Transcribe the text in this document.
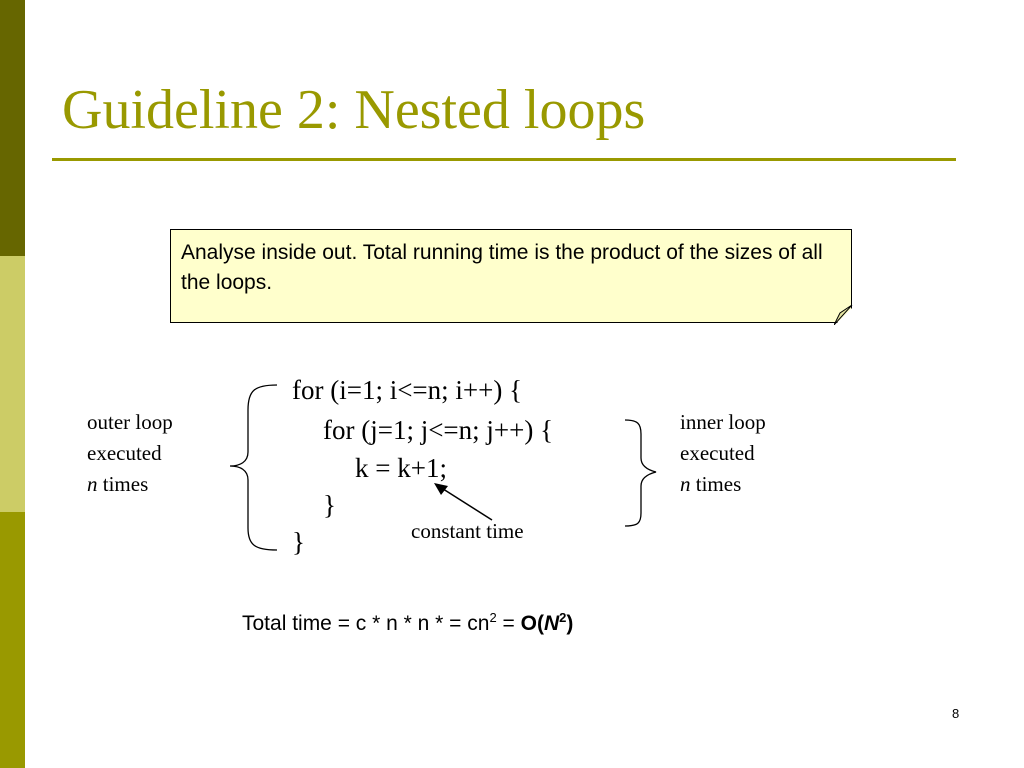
Guideline 2: Nested loops
Analyse inside out. Total running time is the product of the sizes of all the loops.
for (i=1; i<=n; i++) {
for (j=1; j<=n; j++) {
k = k+1;
}
}
outer loop
executed
n times
inner loop
executed
n times
constant time
Total time = c * n * n * = $cn^2 = O(N^2)$
8
